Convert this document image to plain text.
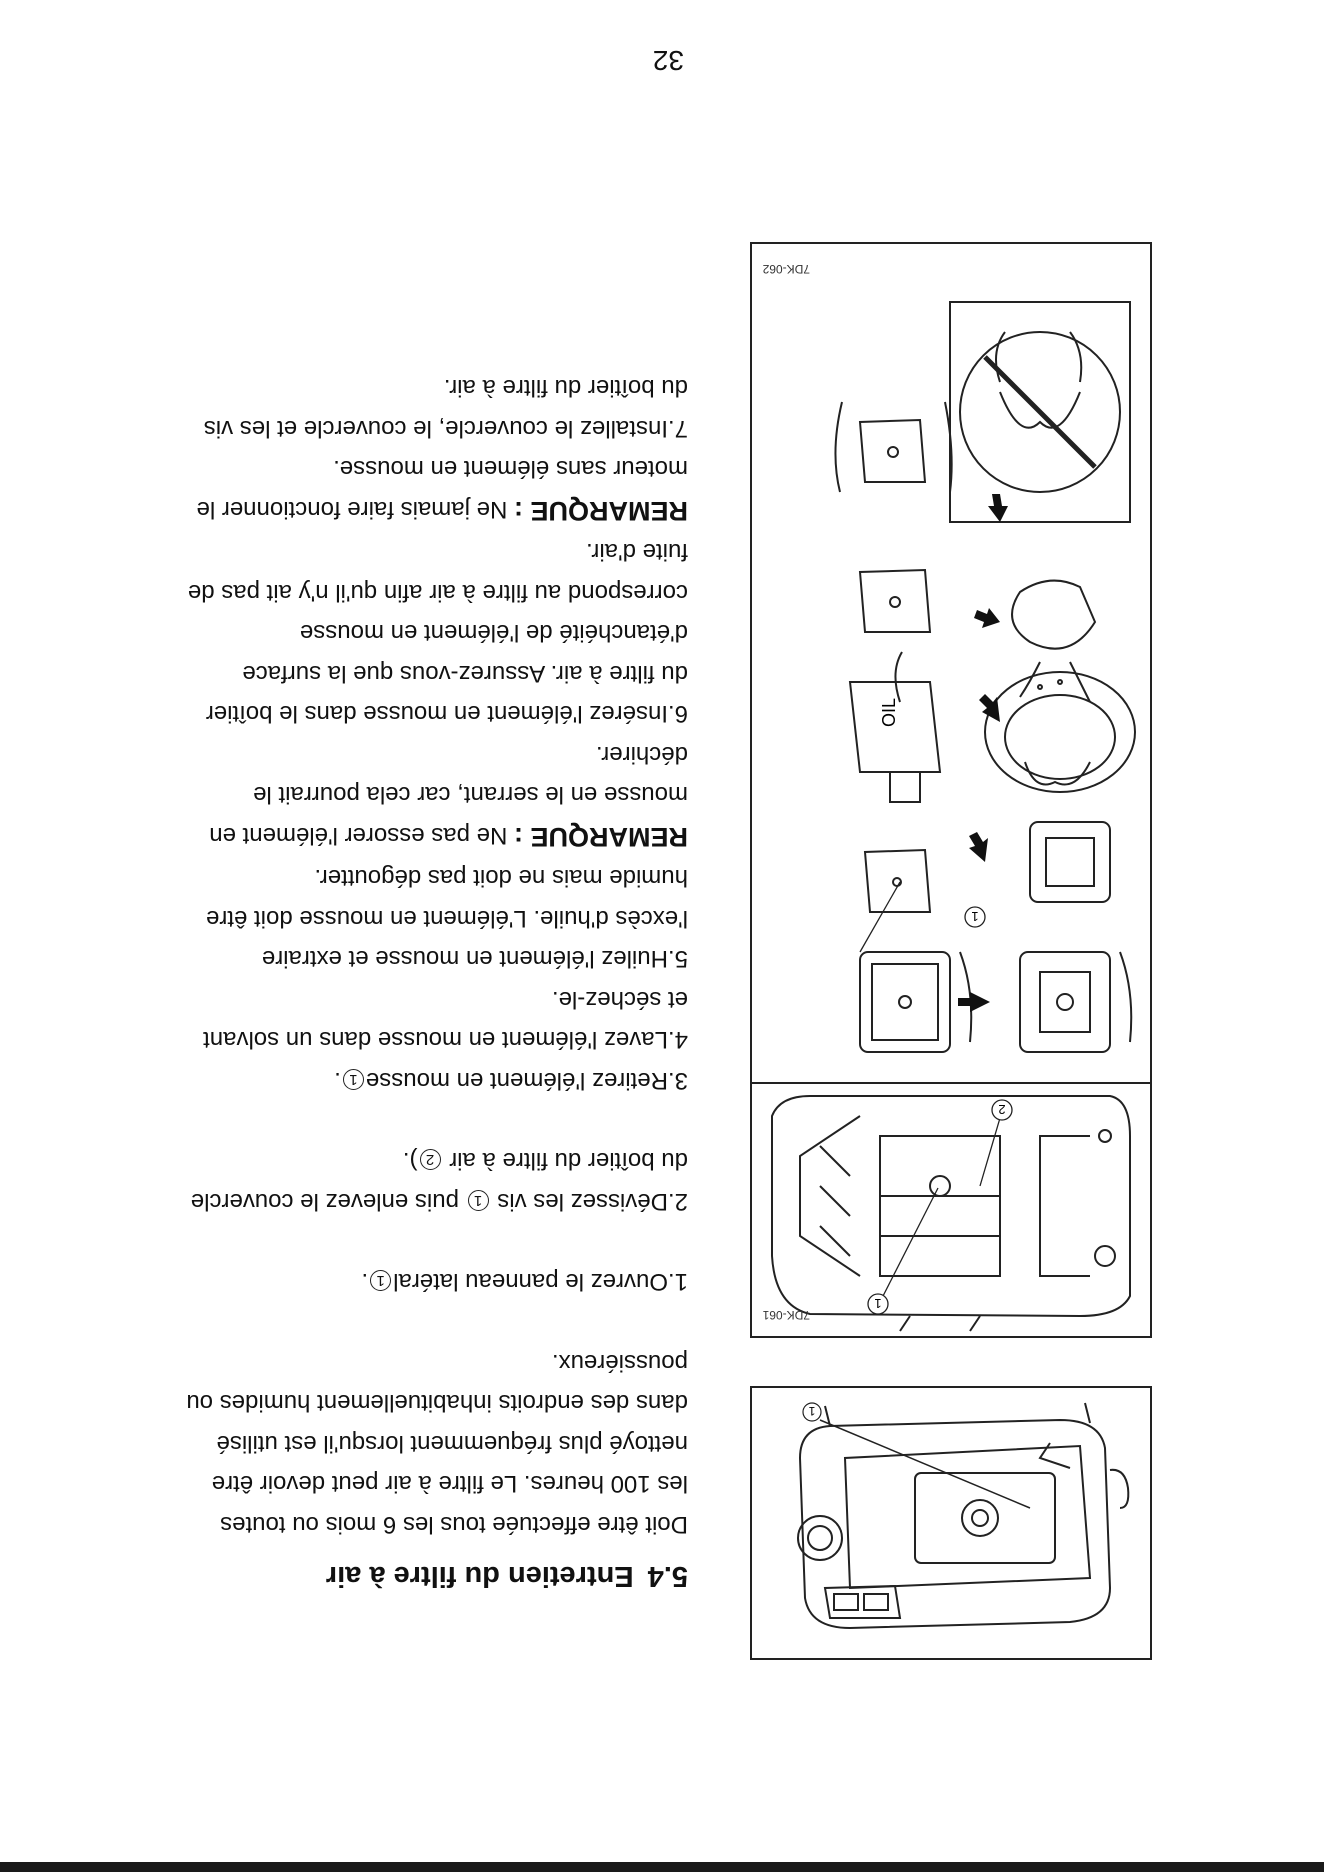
32

5.4Entretien du filtre à air

Doit être effectuée tous les 6 mois ou toutes

les 100 heures. Le filtre à air peut devoir être

nettoyé plus fréquemment lorsqu'il est utilisé

dans des endroits inhabituellement humides ou

poussiéreux.

1.Ouvrez le panneau latéral1.

2.Dévissez les vis 1 puis enlevez le couvercle

du boîtier du filtre à air 2).

3.Retirez l'élément en mousse1.

4.Lavez l'élément en mousse dans un solvant

et séchez-le.

5.Huilez l'élément en mousse et extraire

l'excès d'huile. L'élément en mousse doit être

humide mais ne doit pas dégoutter.

REMARQUE : Ne pas essorer l'élément en

mousse en le serrant, car cela pourrait le

déchirer.

6.Insérez l'élément en mousse dans le boîtier

du filtre à air. Assurez-vous que la surface

d'étanchéité de l'élément en mousse

correspond au filtre à air afin qu'il n'y ait pas de

fuite d'air.

REMARQUE : Ne jamais faire fonctionner le

moteur sans élément en mousse.

7.Installez le couvercle, le couvercle et les vis

du boîtier du filtre à air.

1
1
2
7DK-061
1
OIL
7DK-062
